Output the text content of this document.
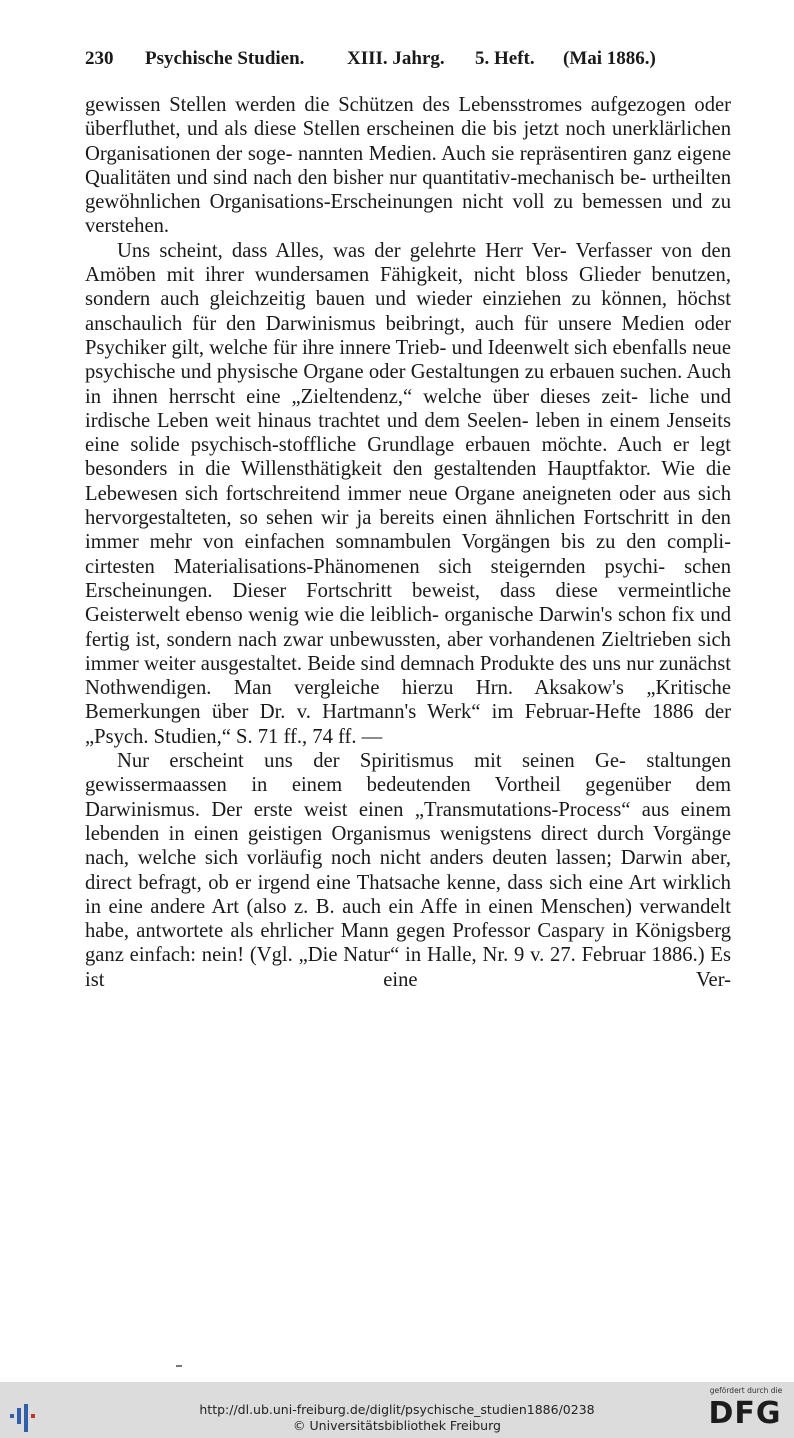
230 Psychische Studien. XIII. Jahrg. 5. Heft. (Mai 1886.)

gewissen Stellen werden die Schützen des Lebensstromes aufgezogen oder überfluthet, und als diese Stellen erscheinen die bis jetzt noch unerklärlichen Organisationen der soge- nannten Medien. Auch sie repräsentiren ganz eigene Qualitäten und sind nach den bisher nur quantitativ-mechanisch be- urtheilten gewöhnlichen Organisations-Erscheinungen nicht voll zu bemessen und zu verstehen.

Uns scheint, dass Alles, was der gelehrte Herr Ver- Verfasser von den Amöben mit ihrer wundersamen Fähigkeit, nicht bloss Glieder benutzen, sondern auch gleichzeitig bauen und wieder einziehen zu können, höchst anschaulich für den Darwinismus beibringt, auch für unsere Medien oder Psychiker gilt, welche für ihre innere Trieb- und Ideenwelt sich ebenfalls neue psychische und physische Organe oder Gestaltungen zu erbauen suchen. Auch in ihnen herrscht eine „Zieltendenz,“ welche über dieses zeit- liche und irdische Leben weit hinaus trachtet und dem Seelen- leben in einem Jenseits eine solide psychisch-stoffliche Grundlage erbauen möchte. Auch er legt besonders in die Willensthätigkeit den gestaltenden Hauptfaktor. Wie die Lebewesen sich fortschreitend immer neue Organe aneigneten oder aus sich hervorgestalteten, so sehen wir ja bereits einen ähnlichen Fortschritt in den immer mehr von einfachen somnambulen Vorgängen bis zu den compli- cirtesten Materialisations-Phänomenen sich steigernden psychi- schen Erscheinungen. Dieser Fortschritt beweist, dass diese vermeintliche Geisterwelt ebenso wenig wie die leiblich- organische Darwin's schon fix und fertig ist, sondern nach zwar unbewussten, aber vorhandenen Zieltrieben sich immer weiter ausgestaltet. Beide sind demnach Produkte des uns nur zunächst Nothwendigen. Man vergleiche hierzu Hrn. Aksakow's „Kritische Bemerkungen über Dr. v. Hartmann's Werk“ im Februar-Hefte 1886 der „Psych. Studien,“ S. 71 ff., 74 ff. —

Nur erscheint uns der Spiritismus mit seinen Ge- staltungen gewissermaassen in einem bedeutenden Vortheil gegenüber dem Darwinismus. Der erste weist einen „Transmutations-Process“ aus einem lebenden in einen geistigen Organismus wenigstens direct durch Vorgänge nach, welche sich vorläufig noch nicht anders deuten lassen; Darwin aber, direct befragt, ob er irgend eine Thatsache kenne, dass sich eine Art wirklich in eine andere Art (also z. B. auch ein Affe in einen Menschen) verwandelt habe, antwortete als ehrlicher Mann gegen Professor Caspary in Königsberg ganz einfach: nein! (Vgl. „Die Natur“ in Halle, Nr. 9 v. 27. Februar 1886.) Es ist eine Ver-

http://dl.ub.uni-freiburg.de/diglit/psychische_studien1886/0238
© Universitätsbibliothek Freiburg
gefördert durch die
DFG
